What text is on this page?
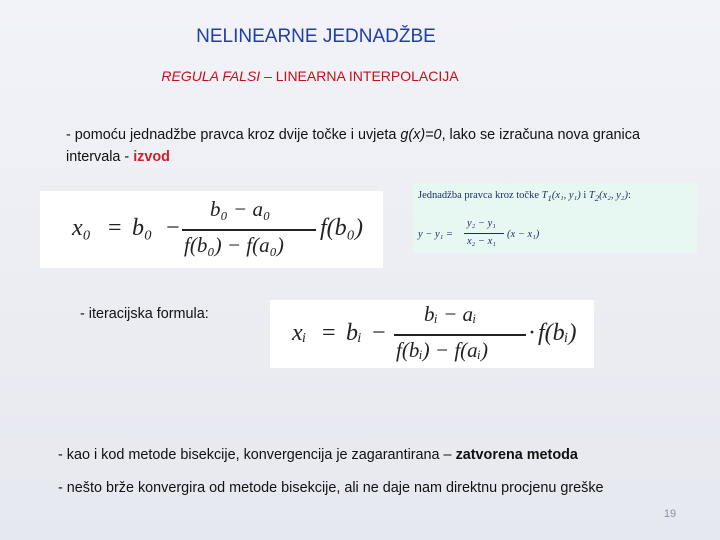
NELINEARNE JEDNADŽBE
REGULA FALSI – LINEARNA INTERPOLACIJA
- pomoću jednadžbe pravca kroz dvije točke i uvjeta g(x)=0, lako se izračuna nova granica intervala - izvod
x₀ = b₀ −
b₀ − a₀
f(b₀) − f(a₀)
f(b₀)
Jednadžba pravca kroz točke $T_1(x_1$, y₁) i $T_2(x_2$, y₂):
y − y₁ =
y₂ − y₁
x₂ − x₁
(x − x₁)
- iteracijska formula:
xᵢ = bᵢ −
bᵢ − aᵢ
f(bᵢ) − f(aᵢ)
· f(bᵢ)
- kao i kod metode bisekcije, konvergencija je zagarantirana – zatvorena metoda
- nešto brže konvergira od metode bisekcije, ali ne daje nam direktnu procjenu greške
19
